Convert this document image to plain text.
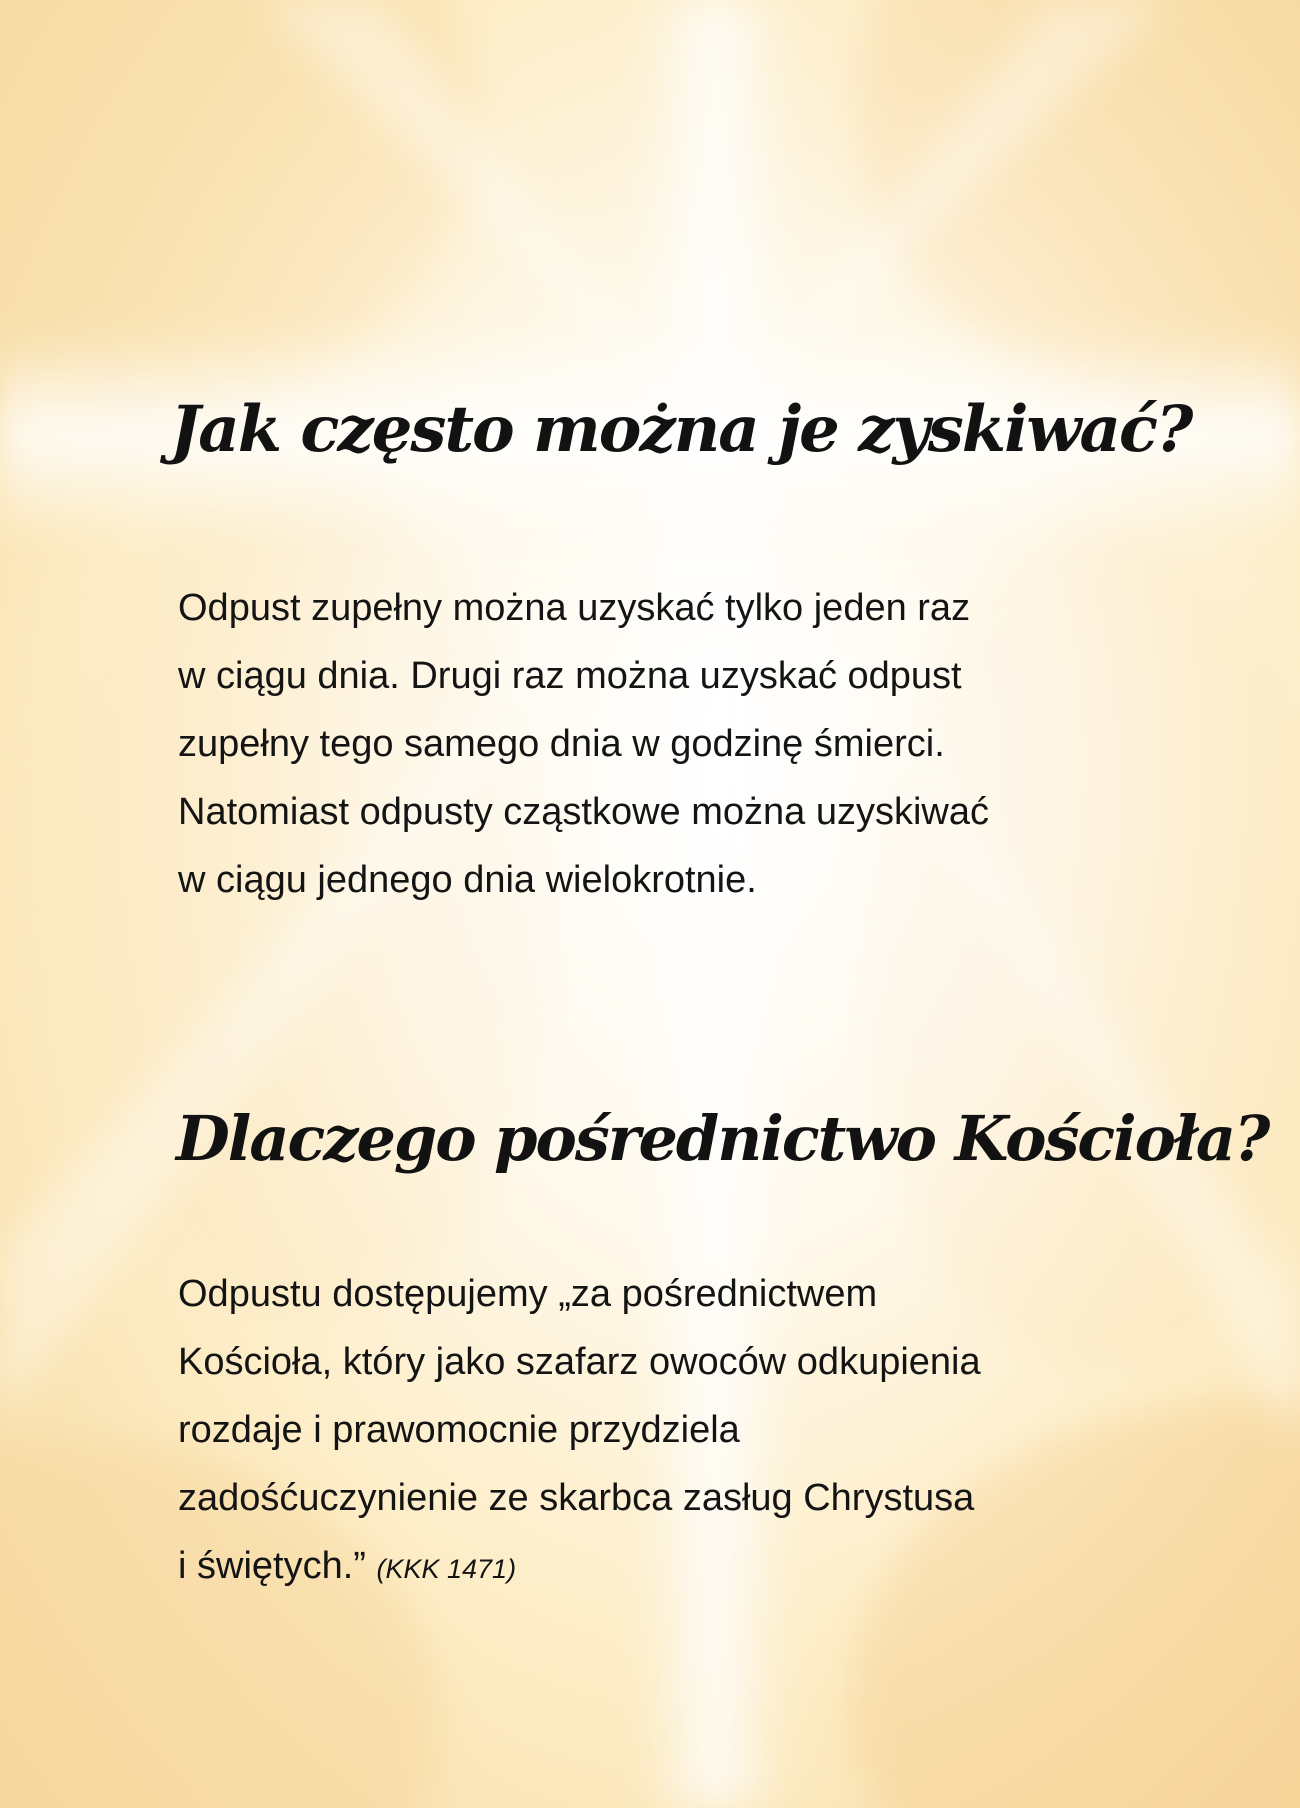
Jak często można je zyskiwać?

Odpust zupełny można uzyskać tylko jeden raz
w ciągu dnia. Drugi raz można uzyskać odpust
zupełny tego samego dnia w godzinę śmierci.
Natomiast odpusty cząstkowe można uzyskiwać
w ciągu jednego dnia wielokrotnie.

Dlaczego pośrednictwo Kościoła?

Odpustu dostępujemy „za pośrednictwem
Kościoła, który jako szafarz owoców odkupienia
rozdaje i prawomocnie przydziela
zadośćuczynienie ze skarbca zasług Chrystusa
i świętych.” (KKK 1471)
